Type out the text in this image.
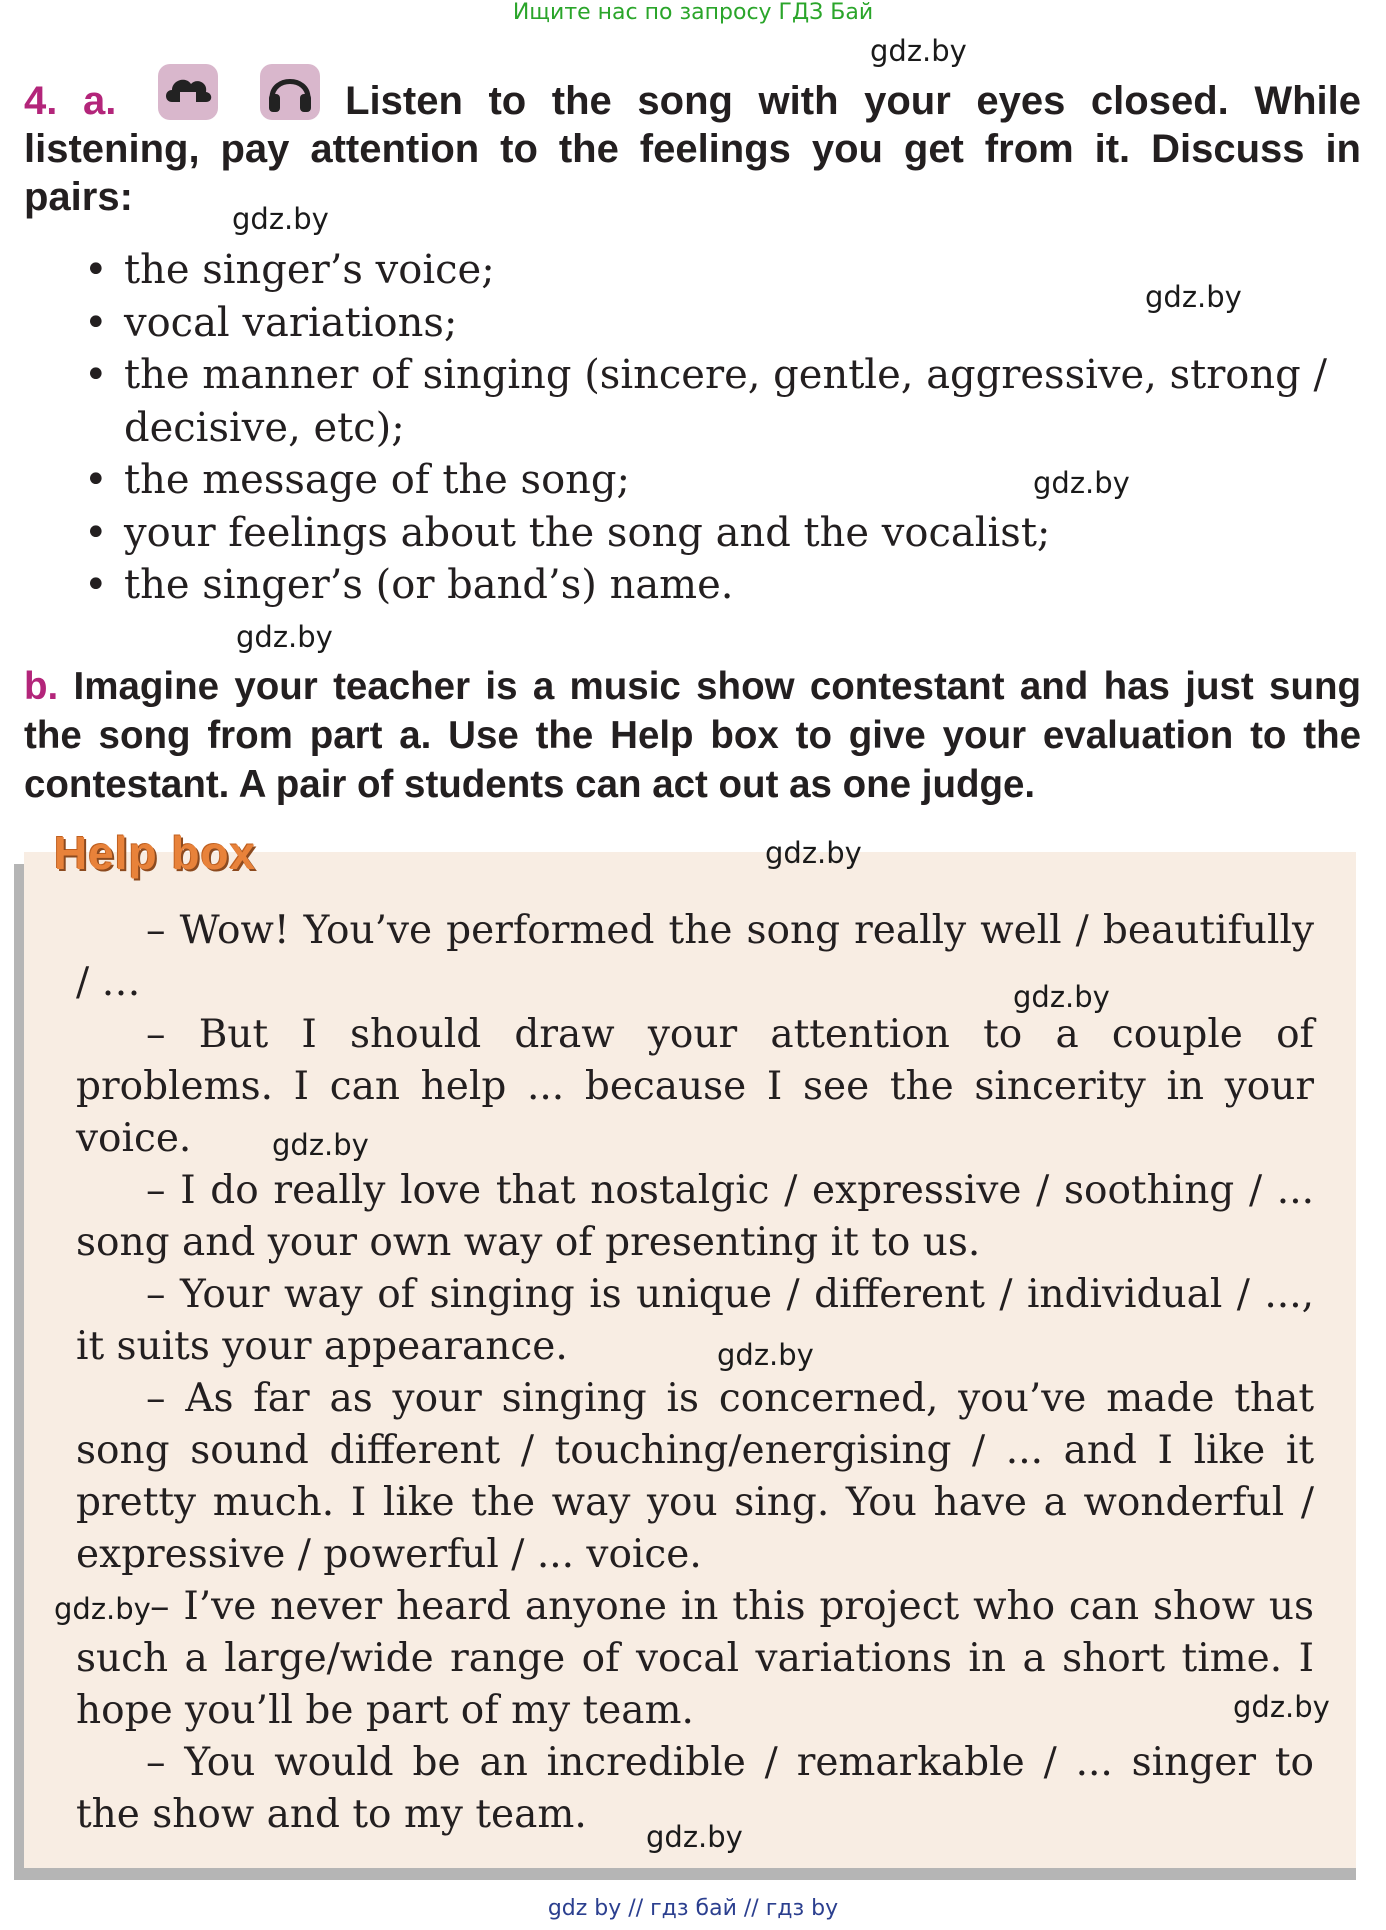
Ищите нас по запросу ГДЗ Бай
4. a.
	Listen to the song with your eyes closed. While listening, pay attention to the feelings you get from it. Discuss in pairs:
• the singer’s voice;
• vocal variations;
• the manner of singing (sincere, gentle, aggressive, strong / decisive, etc);
• the message of the song;
• your feelings about the song and the vocalist;
• the singer’s (or band’s) name.
b. Imagine your teacher is a music show contestant and has just sung the song from part a. Use the Help box to give your evaluation to the contestant. A pair of students can act out as one judge.
Help box

– Wow! You’ve performed the song really well / beautifully / …

– But I should draw your attention to a couple of problems. I can help ... because I see the sincerity in your voice.

– I do really love that nostalgic / expressive / soothing / ... song and your own way of presenting it to us.

– Your way of singing is unique / different / individual / ..., it suits your appearance.

– As far as your singing is concerned, you’ve made that song sound different / touching/energising / ... and I like it pretty much. I like the way you sing. You have a wonderful / expressive / powerful / ... voice.

– I’ve never heard anyone in this project who can show us such a large/wide range of vocal variations in a short time. I hope you’ll be part of my team.

– You would be an incredible / remarkable / ... singer to the show and to my team.

gdz.by
gdz.by
gdz.by
gdz.by
gdz.by
gdz.by
gdz.by
gdz.by
gdz.by
gdz.by
gdz.by
gdz.by
gdz by // гдз бай // гдз by
